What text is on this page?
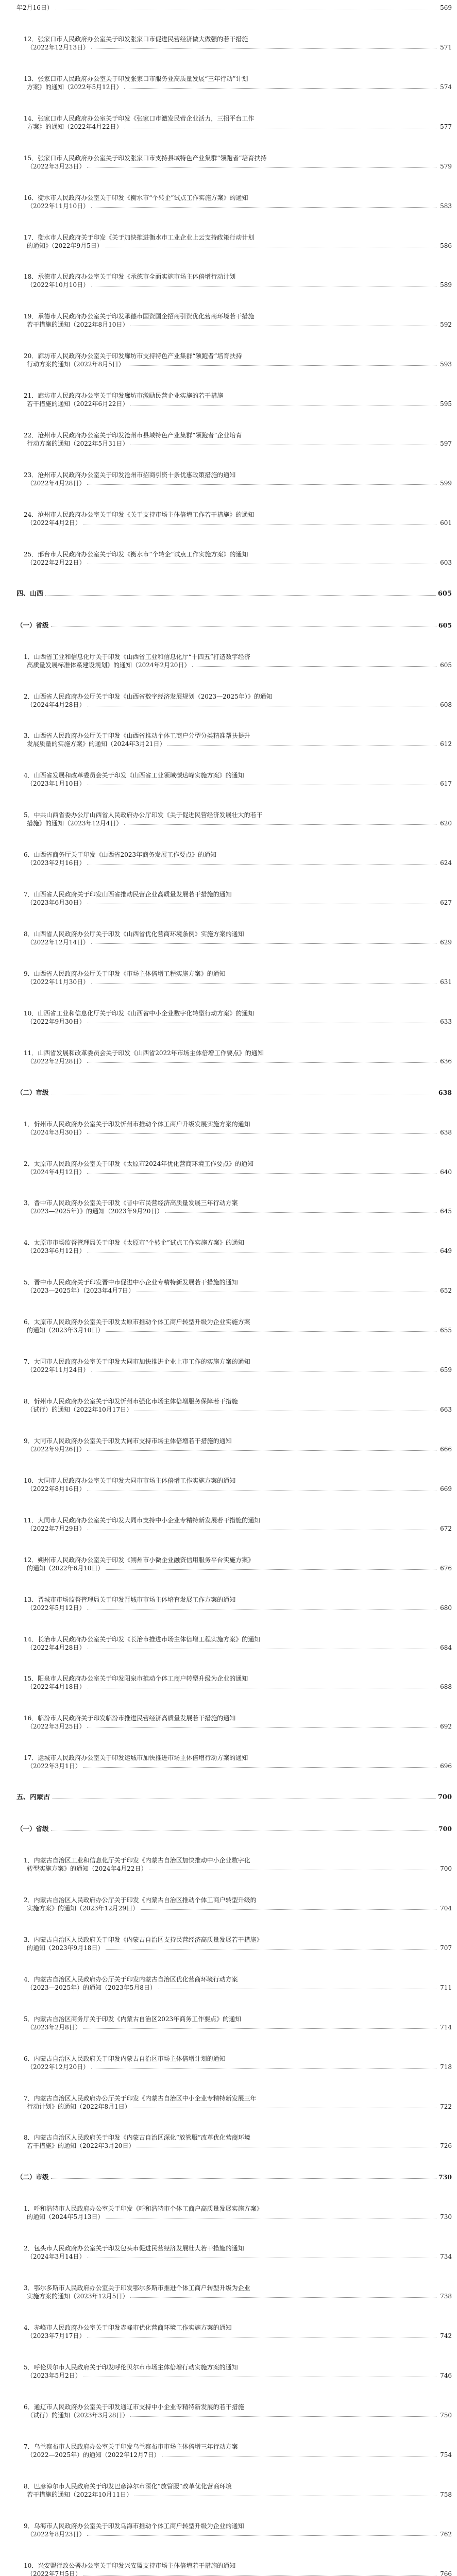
年2月16日）	569
12．张家口市人民政府办公室关于印发张家口市促进民营经济做大做强的若干措施
（2022年12月13日）	571
13．张家口市人民政府办公室关于印发张家口市服务业高质量发展“三年行动”计划
方案》的通知（2022年5月12日）	574
14．张家口市人民政府办公室关于印发《张家口市激发民营企业活力，三招平台工作
方案》的通知（2022年4月22日）	577
15．张家口市人民政府办公室关于印发张家口市支持县域特色产业集群“领跑者”培育扶持
（2022年3月23日）	579
16．衡水市人民政府办公室关于印发《衡水市“个转企”试点工作实施方案》的通知
（2022年11月10日）	583
17．衡水市人民政府关于印发《关于加快推进衡水市工业企业上云支持政策行动计划
的通知》（2022年9月5日）	586
18．承德市人民政府办公室关于印发《承德市全面实施市场主体倍增行动计划
（2022年10月10日）	589
19．承德市人民政府办公室关于印发承德市国资国企招商引资优化营商环境若干措施
若干措施的通知（2022年8月10日）	592
20．廊坊市人民政府办公室关于印发廊坊市支持特色产业集群“领跑者”培育扶持
行动方案的通知（2022年8月5日）	593
21．廊坊市人民政府办公室关于印发廊坊市激励民营企业实施的若干措施
若干措施的通知（2022年6月22日）	595
22．沧州市人民政府办公室关于印发沧州市县域特色产业集群“领跑者”企业培育
行动方案的通知（2022年5月31日）	597
23．沧州市人民政府办公室关于印发沧州市招商引资十条优惠政策措施的通知
（2022年4月28日）	599
24．沧州市人民政府办公室关于印发《关于支持市场主体倍增工作若干措施》的通知
（2022年4月2日）	601
25．邢台市人民政府办公室关于印发《衡水市“个转企”试点工作实施方案》的通知
（2022年2月22日）	603
四、山西	605
（一）省级	605
1．山西省工业和信息化厅关于印发《山西省工业和信息化厅“十四五”打造数字经济
高质量发展标准体系建设规划》的通知（2024年2月20日）	605
2．山西省人民政府办公厅关于印发《山西省数字经济发展规划（2023—2025年）》的通知
（2024年4月28日）	608
3．山西省人民政府办公厅关于印发《山西省推动个体工商户分型分类精准帮扶提升
发展质量的实施方案》的通知（2024年3月21日）	612
4．山西省发展和改革委员会关于印发《山西省工业领域碳达峰实施方案》的通知
（2023年1月10日）	617
5．中共山西省委办公厅山西省人民政府办公厅印发《关于促进民营经济发展壮大的若干
措施》的通知（2023年12月4日）	620
6．山西省商务厅关于印发《山西省2023年商务发展工作要点》的通知
（2023年2月16日）	624
7．山西省人民政府关于印发山西省推动民营企业高质量发展若干措施的通知
（2023年6月30日）	627
8．山西省人民政府办公厅关于印发《山西省优化营商环境条例》实施方案的通知
（2022年12月14日）	629
9．山西省人民政府办公厅关于印发《市场主体倍增工程实施方案》的通知
（2022年11月30日）	631
10．山西省工业和信息化厅关于印发《山西省中小企业数字化转型行动方案》的通知
（2022年9月30日）	633
11．山西省发展和改革委员会关于印发《山西省2022年市场主体倍增工作要点》的通知
（2022年2月28日）	636
（二）市级	638
1．忻州市人民政府办公室关于印发忻州市推动个体工商户升级发展实施方案的通知
（2024年3月30日）	638
2．太原市人民政府办公室关于印发《太原市2024年优化营商环境工作要点》的通知
（2024年4月12日）	640
3．晋中市人民政府办公室关于印发《晋中市民营经济高质量发展三年行动方案
（2023—2025年）》的通知（2023年9月20日）	645
4．太原市市场监督管理局关于印发《太原市“个转企”试点工作实施方案》的通知
（2023年6月12日）	649
5．晋中市人民政府关于印发晋中市促进中小企业专精特新发展若干措施的通知
（2023—2025年）（2023年4月7日）	652
6．太原市人民政府办公室关于印发太原市推动个体工商户转型升级为企业实施方案
的通知（2023年3月10日）	655
7．大同市人民政府办公室关于印发大同市加快推进企业上市工作的实施方案的通知
（2022年11月24日）	659
8．忻州市人民政府办公室关于印发忻州市强化市场主体倍增服务保障若干措施
（试行）的通知（2022年10月17日）	663
9．大同市人民政府办公室关于印发大同市支持市场主体倍增若干措施的通知
（2022年9月26日）	666
10．大同市人民政府办公室关于印发大同市市场主体倍增工作实施方案的通知
（2022年8月16日）	669
11．大同市人民政府办公室关于印发大同市支持中小企业专精特新发展若干措施的通知
（2022年7月29日）	672
12．朔州市人民政府办公室关于印发《朔州市小微企业融资信用服务平台实施方案》
的通知（2022年6月10日）	676
13．晋城市市场监督管理局关于印发晋城市市场主体培育发展工作方案的通知
（2022年5月12日）	680
14．长治市人民政府办公室关于印发《长治市推进市场主体倍增工程实施方案》的通知
（2022年4月28日）	684
15．阳泉市人民政府办公室关于印发阳泉市推动个体工商户转型升级为企业的通知
（2022年4月18日）	688
16．临汾市人民政府关于印发临汾市推进民营经济高质量发展若干措施的通知
（2022年3月25日）	692
17．运城市人民政府办公室关于印发运城市加快推进市场主体倍增行动方案的通知
（2022年3月1日）	696
五、内蒙古	700
（一）省级	700
1．内蒙古自治区工业和信息化厅关于印发《内蒙古自治区加快推动中小企业数字化
转型实施方案》的通知（2024年4月22日）	700
2．内蒙古自治区人民政府办公厅关于印发《内蒙古自治区推动个体工商户转型升级的
实施方案》的通知（2023年12月29日）	704
3．内蒙古自治区人民政府关于印发《内蒙古自治区支持民营经济高质量发展若干措施》
的通知（2023年9月18日）	707
4．内蒙古自治区人民政府办公厅关于印发内蒙古自治区优化营商环境行动方案
（2023—2025年）的通知（2023年5月8日）	711
5．内蒙古自治区商务厅关于印发《内蒙古自治区2023年商务工作要点》的通知
（2023年2月8日）	714
6．内蒙古自治区人民政府关于印发内蒙古自治区市场主体倍增计划的通知
（2022年12月20日）	718
7．内蒙古自治区人民政府办公厅关于印发《内蒙古自治区中小企业专精特新发展三年
行动计划》的通知（2022年8月1日）	722
8．内蒙古自治区人民政府关于印发《内蒙古自治区深化“放管服”改革优化营商环境
若干措施》的通知（2022年3月20日）	726
（二）市级	730
1．呼和浩特市人民政府办公室关于印发《呼和浩特市个体工商户高质量发展实施方案》
的通知（2024年5月13日）	730
2．包头市人民政府办公室关于印发包头市促进民营经济发展壮大若干措施的通知
（2024年3月14日）	734
3．鄂尔多斯市人民政府办公室关于印发鄂尔多斯市推进个体工商户转型升级为企业
实施方案的通知（2023年12月5日）	738
4．赤峰市人民政府办公室关于印发赤峰市优化营商环境工作实施方案的通知
（2023年7月17日）	742
5．呼伦贝尔市人民政府关于印发呼伦贝尔市市场主体倍增行动实施方案的通知
（2023年5月2日）	746
6．通辽市人民政府办公室关于印发通辽市支持中小企业专精特新发展的若干措施
（试行）的通知（2023年3月28日）	750
7．乌兰察布市人民政府办公室关于印发乌兰察布市市场主体倍增三年行动方案
（2022—2025年）的通知（2022年12月7日）	754
8．巴彦淖尔市人民政府关于印发巴彦淖尔市深化“放管服”改革优化营商环境
若干措施的通知（2022年10月11日）	758
9．乌海市人民政府办公室关于印发乌海市推动个体工商户转型升级为企业的通知
（2022年8月23日）	762
10．兴安盟行政公署办公室关于印发兴安盟支持市场主体倍增若干措施的通知
（2022年7月5日）	766
